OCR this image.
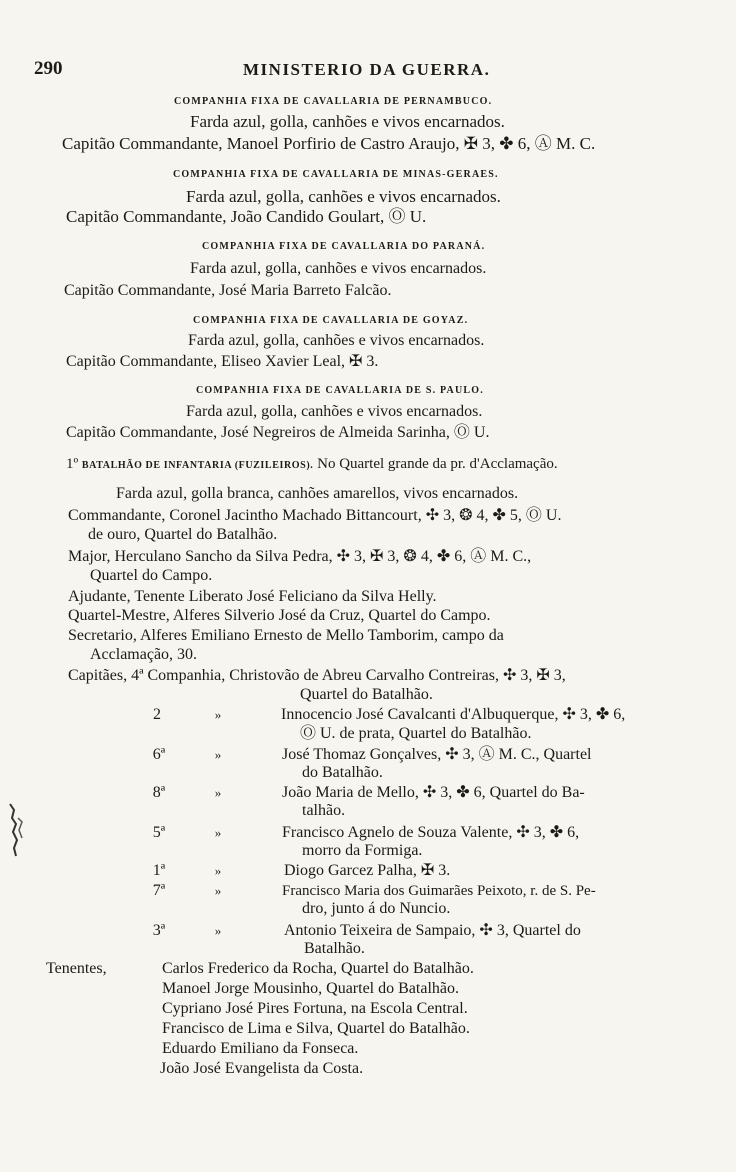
290	MINISTERIO DA GUERRA.
COMPANHIA FIXA DE CAVALLARIA DE PERNAMBUCO.
Farda azul, golla, canhões e vivos encarnados.
Capitão Commandante, Manoel Porfirio de Castro Araujo, ✠ 3, ✤ 6, Ⓐ M. C.
COMPANHIA FIXA DE CAVALLARIA DE MINAS-GERAES.
Farda azul, golla, canhões e vivos encarnados.
Capitão Commandante, João Candido Goulart, Ⓞ U.
COMPANHIA FIXA DE CAVALLARIA DO PARANÁ.
Farda azul, golla, canhões e vivos encarnados.
Capitão Commandante, José Maria Barreto Falcão.
COMPANHIA FIXA DE CAVALLARIA DE GOYAZ.
Farda azul, golla, canhões e vivos encarnados.
Capitão Commandante, Eliseo Xavier Leal, ✠ 3.
COMPANHIA FIXA DE CAVALLARIA DE S. PAULO.
Farda azul, golla, canhões e vivos encarnados.
Capitão Commandante, José Negreiros de Almeida Sarinha, Ⓞ U.
1º BATALHÃO DE INFANTARIA (FUZILEIROS). No Quartel grande da pr. d'Acclamação.
Farda azul, golla branca, canhões amarellos, vivos encarnados.
Commandante, Coronel Jacintho Machado Bittancourt, ✣ 3, ❂ 4, ✤ 5, Ⓞ U.
de ouro, Quartel do Batalhão.
Major, Herculano Sancho da Silva Pedra, ✣ 3, ✠ 3, ❂ 4, ✤ 6, Ⓐ M. C.,
Quartel do Campo.
Ajudante, Tenente Liberato José Feliciano da Silva Helly.
Quartel-Mestre, Alferes Silverio José da Cruz, Quartel do Campo.
Secretario, Alferes Emiliano Ernesto de Mello Tamborim, campo da
Acclamação, 30.
Capitães, 4ª Companhia, Christovão de Abreu Carvalho Contreiras, ✣ 3, ✠ 3,
Quartel do Batalhão.
2	»	Innocencio José Cavalcanti d'Albuquerque, ✣ 3, ✤ 6,
Ⓞ U. de prata, Quartel do Batalhão.
6ª	»	José Thomaz Gonçalves, ✣ 3, Ⓐ M. C., Quartel
do Batalhão.
8ª	»	João Maria de Mello, ✣ 3, ✤ 6, Quartel do Ba-
talhão.
5ª	»	Francisco Agnelo de Souza Valente, ✣ 3, ✤ 6,
morro da Formiga.
1ª	»	Diogo Garcez Palha, ✠ 3.
7ª	»	Francisco Maria dos Guimarães Peixoto, r. de S. Pe-
dro, junto á do Nuncio.
3ª	»	Antonio Teixeira de Sampaio, ✣ 3, Quartel do
Batalhão.
Tenentes,	Carlos Frederico da Rocha, Quartel do Batalhão.
Manoel Jorge Mousinho, Quartel do Batalhão.
Cypriano José Pires Fortuna, na Escola Central.
Francisco de Lima e Silva, Quartel do Batalhão.
Eduardo Emiliano da Fonseca.
João José Evangelista da Costa.
